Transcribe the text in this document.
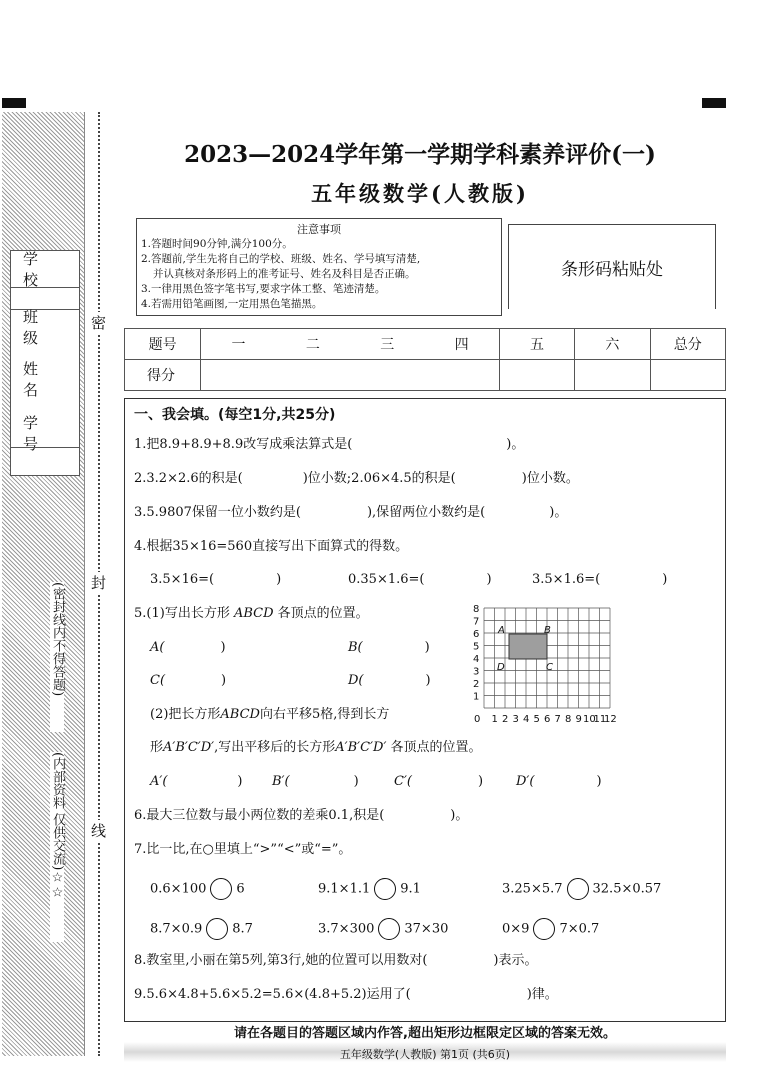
密
封
线
学校
班级
姓名
学号
(密封线内不得答题)
(内部资料 仅供交流)☆☆
2023—2024学年第一学期学科素养评价(一)
五年级数学(人教版)
注意事项
1.答题时间90分钟,满分100分。
2.答题前,学生先将自己的学校、班级、姓名、学号填写清楚,
并认真核对条形码上的准考证号、姓名及科目是否正确。
3.一律用黑色签字笔书写,要求字体工整、笔迹清楚。
4.若需用铅笔画图,一定用黑色笔描黑。
条形码粘贴处
题号	一	二	三	四	五	六	总分
得分							
一、我会填。(每空1分,共25分)
1.把8.9+8.9+8.9改写成乘法算式是(	)。
2.3.2×2.6的积是(	)位小数;2.06×4.5的积是(	)位小数。
3.5.9807保留一位小数约是(	),保留两位小数约是(	)。
4.根据35×16=560直接写出下面算式的得数。
3.5×16=(	)	0.35×1.6=(	)	3.5×1.6=(	)
5.(1)写出长方形 ABCD 各顶点的位置。
A(	)	B(	)
C(	)	D(	)
(2)把长方形ABCD向右平移5格,得到长方
形A′B′C′D′,写出平移后的长方形A′B′C′D′ 各顶点的位置。
A′(	) B′(	)	C′(	)	D′(	)
A	B
C
D
0 1 2 3 4 5 6 7 8 9 10
11
12
1
2
3
4
5
6
7
8
6.最大三位数与最小两位数的差乘0.1,积是(	)。
7.比一比,在○里填上“>”“<”或“=”。
0.6×100 6	9.1×1.1 9.1	3.25×5.7 32.5×0.57
8.7×0.9 8.7	3.7×300 37×30	0×9 7×0.7
8.教室里,小丽在第5列,第3行,她的位置可以用数对(	)表示。
9.5.6×4.8+5.6×5.2=5.6×(4.8+5.2)运用了(	)律。
请在各题目的答题区域内作答,超出矩形边框限定区域的答案无效。
五年级数学(人教版) 第1页 (共6页)
